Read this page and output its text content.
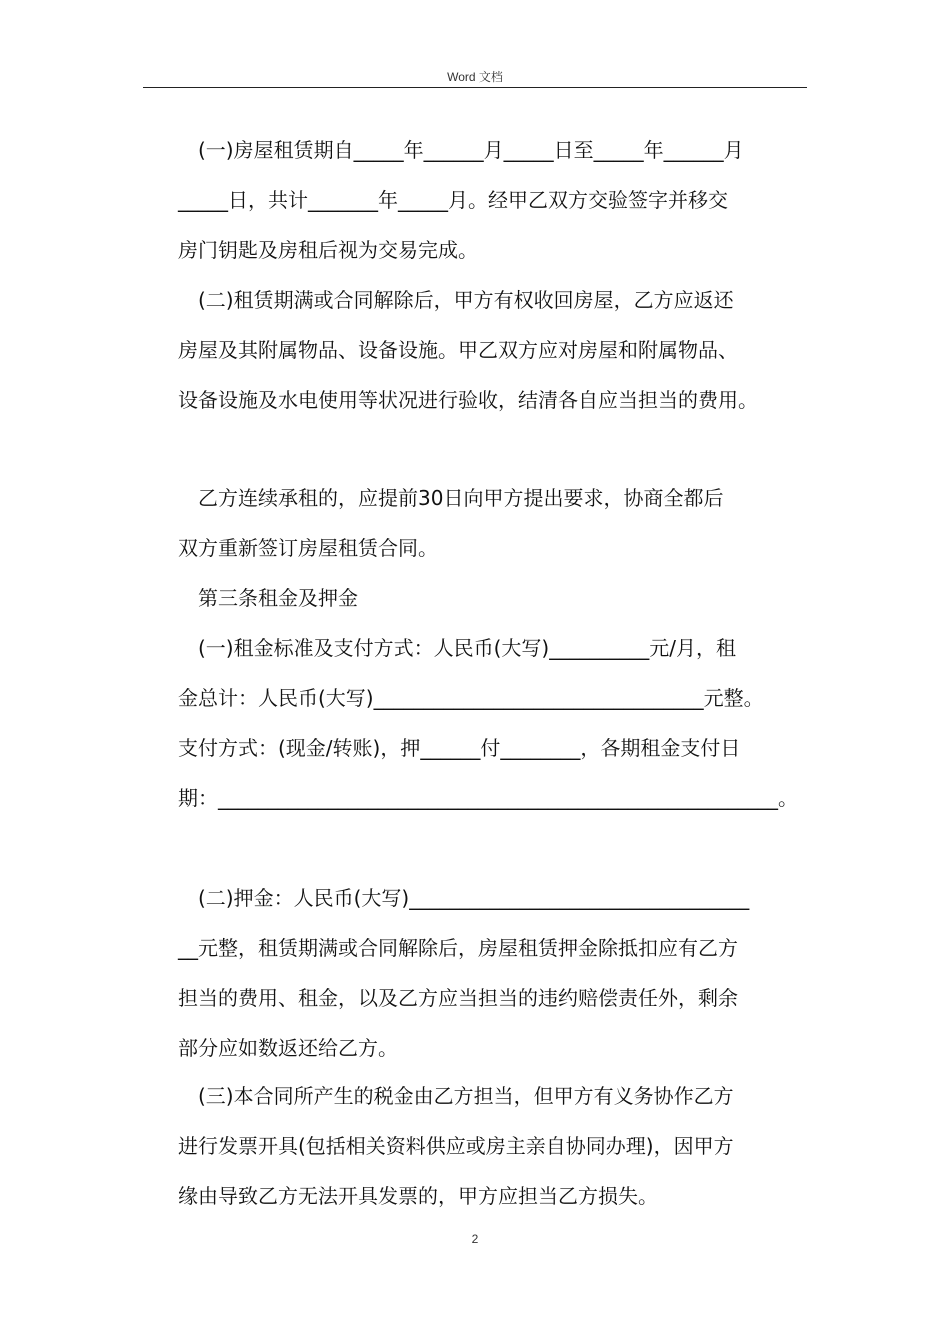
Word 文档
(一)房屋租赁期自_____年______月_____日至_____年______月
_____日，共计_______年_____月。经甲乙双方交验签字并移交
房门钥匙及房租后视为交易完成。
(二)租赁期满或合同解除后，甲方有权收回房屋，乙方应返还
房屋及其附属物品、设备设施。甲乙双方应对房屋和附属物品、
设备设施及水电使用等状况进行验收，结清各自应当担当的费用。
乙方连续承租的，应提前30日向甲方提出要求，协商全都后
双方重新签订房屋租赁合同。
第三条租金及押金
(一)租金标准及支付方式：人民币(大写)__________元/月，租
金总计：人民币(大写)_________________________________元整。
支付方式：(现金/转账)，押______付________，各期租金支付日
期：________________________________________________________。
(二)押金：人民币(大写)__________________________________
__元整，租赁期满或合同解除后，房屋租赁押金除抵扣应有乙方
担当的费用、租金，以及乙方应当担当的违约赔偿责任外，剩余
部分应如数返还给乙方。
(三)本合同所产生的税金由乙方担当，但甲方有义务协作乙方
进行发票开具(包括相关资料供应或房主亲自协同办理)，因甲方
缘由导致乙方无法开具发票的，甲方应担当乙方损失。
2
